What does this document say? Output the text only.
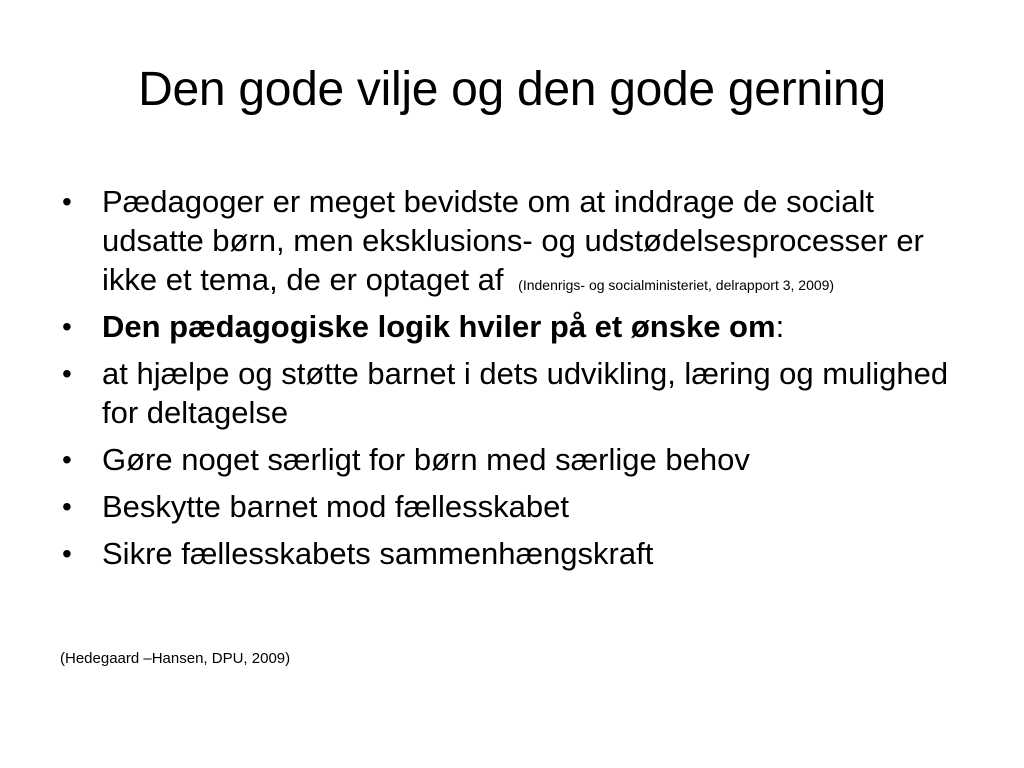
Den gode vilje og den gode gerning
• Pædagoger er meget bevidste om at inddrage de socialt udsatte børn, men eksklusions- og udstødelsesprocesser er ikke et tema, de er optaget af (Indenrigs- og socialministeriet, delrapport 3, 2009)
• Den pædagogiske logik hviler på et ønske om:
• at hjælpe og støtte barnet i dets udvikling, læring og mulighed for deltagelse
• Gøre noget særligt for børn med særlige behov
• Beskytte barnet mod fællesskabet
• Sikre fællesskabets sammenhængskraft
(Hedegaard –Hansen, DPU, 2009)
